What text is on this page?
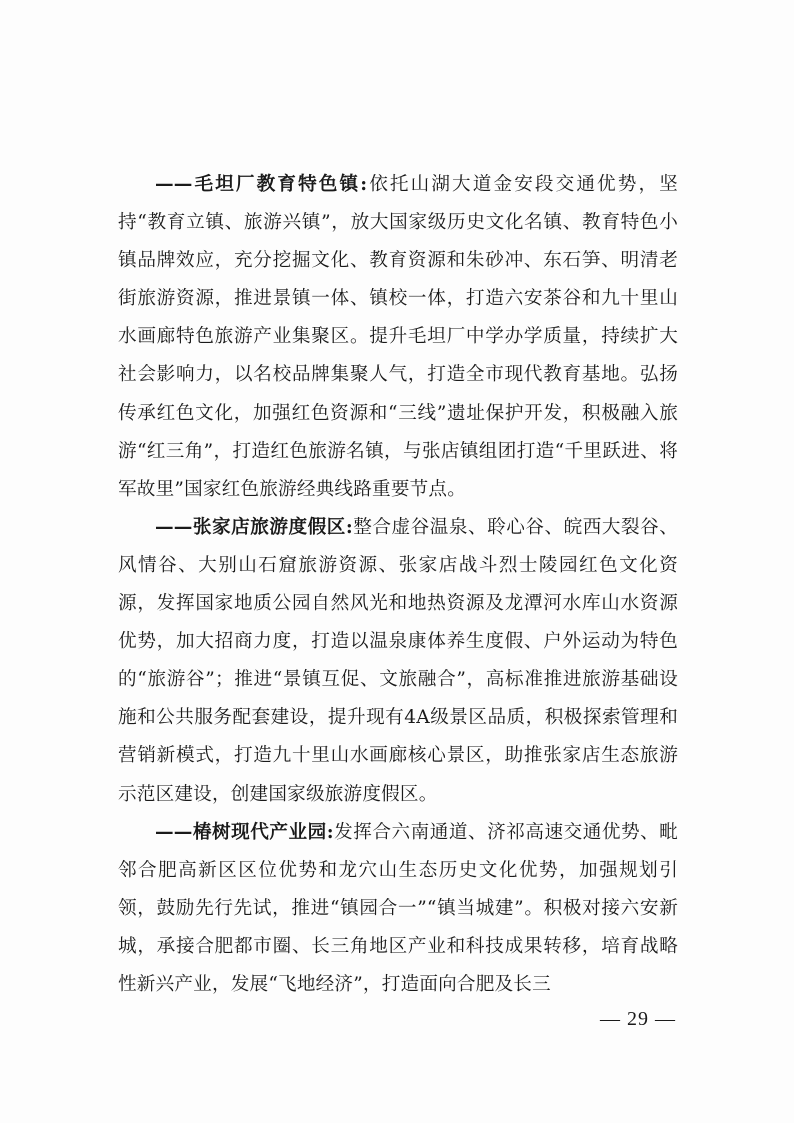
——毛坦厂教育特色镇:依托山湖大道金安段交通优势，坚持“教育立镇、旅游兴镇”，放大国家级历史文化名镇、教育特色小镇品牌效应，充分挖掘文化、教育资源和朱砂冲、东石笋、明清老街旅游资源，推进景镇一体、镇校一体，打造六安茶谷和九十里山水画廊特色旅游产业集聚区。提升毛坦厂中学办学质量，持续扩大社会影响力，以名校品牌集聚人气，打造全市现代教育基地。弘扬传承红色文化，加强红色资源和“三线”遗址保护开发，积极融入旅游“红三角”，打造红色旅游名镇，与张店镇组团打造“千里跃进、将军故里”国家红色旅游经典线路重要节点。

——张家店旅游度假区:整合虚谷温泉、聆心谷、皖西大裂谷、风情谷、大别山石窟旅游资源、张家店战斗烈士陵园红色文化资源，发挥国家地质公园自然风光和地热资源及龙潭河水库山水资源优势，加大招商力度，打造以温泉康体养生度假、户外运动为特色的“旅游谷”；推进“景镇互促、文旅融合”，高标准推进旅游基础设施和公共服务配套建设，提升现有4A级景区品质，积极探索管理和营销新模式，打造九十里山水画廊核心景区，助推张家店生态旅游示范区建设，创建国家级旅游度假区。

——椿树现代产业园:发挥合六南通道、济祁高速交通优势、毗邻合肥高新区区位优势和龙穴山生态历史文化优势，加强规划引领，鼓励先行先试，推进“镇园合一”“镇当城建”。积极对接六安新城，承接合肥都市圈、长三角地区产业和科技成果转移，培育战略性新兴产业，发展“飞地经济”，打造面向合肥及长三

— 29 —
